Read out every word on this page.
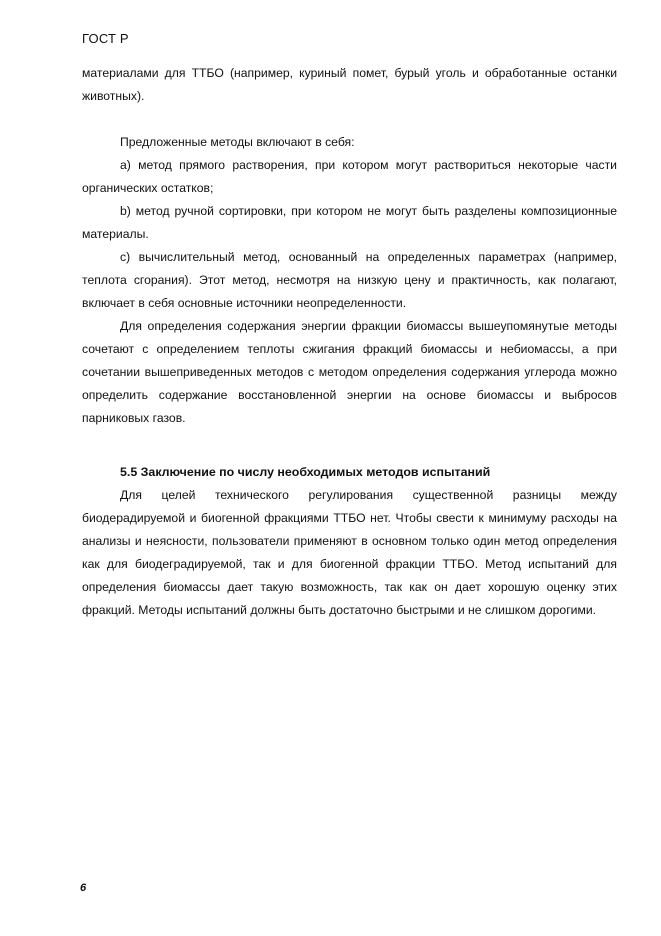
ГОСТ Р

материалами для ТТБО (например, куриный помет, бурый уголь и обработанные останки животных).

Предложенные методы включают в себя:

a) метод прямого растворения, при котором могут раствориться некоторые части органических остатков;

b) метод ручной сортировки, при котором не могут быть разделены композиционные материалы.

c) вычислительный метод, основанный на определенных параметрах (например, теплота сгорания). Этот метод, несмотря на низкую цену и практичность, как полагают, включает в себя основные источники неопределенности.

Для определения содержания энергии фракции биомассы вышеупомянутые методы сочетают с определением теплоты сжигания фракций биомассы и небиомассы, а при сочетании вышеприведенных методов с методом определения содержания углерода можно определить содержание восстановленной энергии на основе биомассы и выбросов парниковых газов.

5.5 Заключение по числу необходимых методов испытаний

Для целей технического регулирования существенной разницы между биодерадируемой и биогенной фракциями ТТБО нет. Чтобы свести к минимуму расходы на анализы и неясности, пользователи применяют в основном только один метод определения как для биодеградируемой, так и для биогенной фракции ТТБО. Метод испытаний для определения биомассы дает такую возможность, так как он дает хорошую оценку этих фракций. Методы испытаний должны быть достаточно быстрыми и не слишком дорогими.

6
